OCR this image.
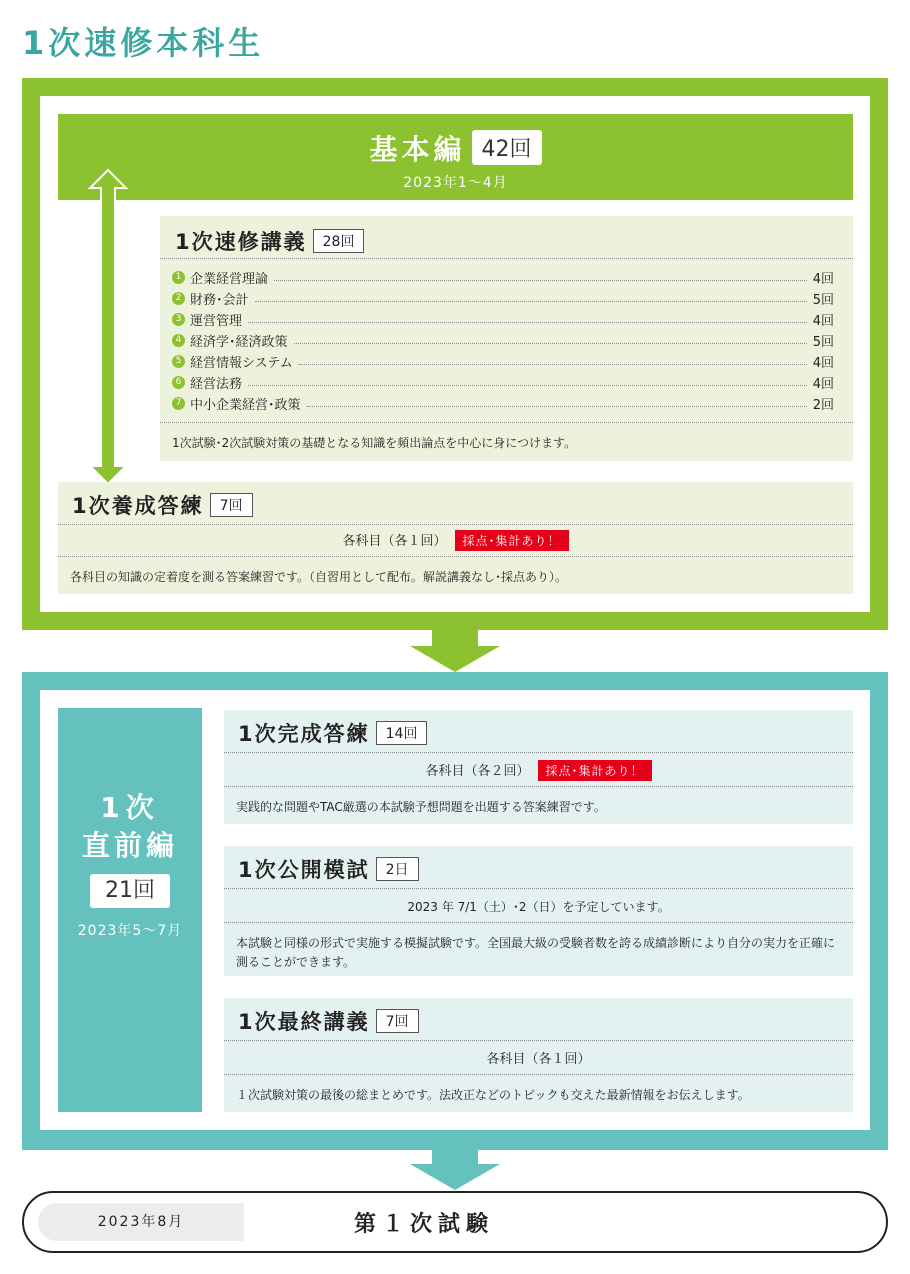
1次速修本科生
基本編 42回
2023年1～4月
1次速修講義 28回
1 企業経営理論	4回
2 財務･会計	5回
3 運営管理	4回
4 経済学･経済政策	5回
5 経営情報システム	4回
6 経営法務	4回
7 中小企業経営･政策	2回
1次試験･2次試験対策の基礎となる知識を頻出論点を中心に身につけます。
1次養成答練 7回
各科目（各１回） 採点･集計あり！
各科目の知識の定着度を測る答案練習です。（自習用として配布。解説講義なし･採点あり）。
1次
直前編
21回
2023年5～7月
1次完成答練 14回
各科目（各２回） 採点･集計あり！
実践的な問題やTAC厳選の本試験予想問題を出題する答案練習です。
1次公開模試 2日
2023 年 7/1（土）･2（日）を予定しています。
本試験と同様の形式で実施する模擬試験です。全国最大級の受験者数を誇る成績診断により自分の実力を正確に測ることができます。
1次最終講義 7回
各科目（各１回）
１次試験対策の最後の総まとめです。法改正などのトピックも交えた最新情報をお伝えします。
2023年8月	第１次試験
